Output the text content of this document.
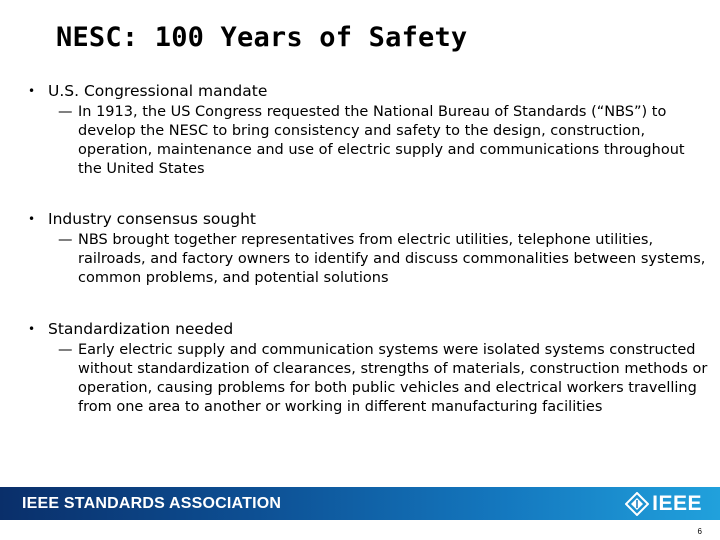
NESC: 100 Years of Safety
• U.S. Congressional mandate
— In 1913, the US Congress requested the National Bureau of Standards (“NBS”) to develop the NESC to bring consistency and safety to the design, construction, operation, maintenance and use of electric supply and communications throughout the United States
• Industry consensus sought
— NBS brought together representatives from electric utilities, telephone utilities, railroads, and factory owners to identify and discuss commonalities between systems, common problems, and potential solutions
• Standardization needed
— Early electric supply and communication systems were isolated systems constructed without standardization of clearances, strengths of materials, construction methods or operation, causing problems for both public vehicles and electrical workers travelling from one area to another or working in different manufacturing facilities
IEEE STANDARDS ASSOCIATION	IEEE
6
